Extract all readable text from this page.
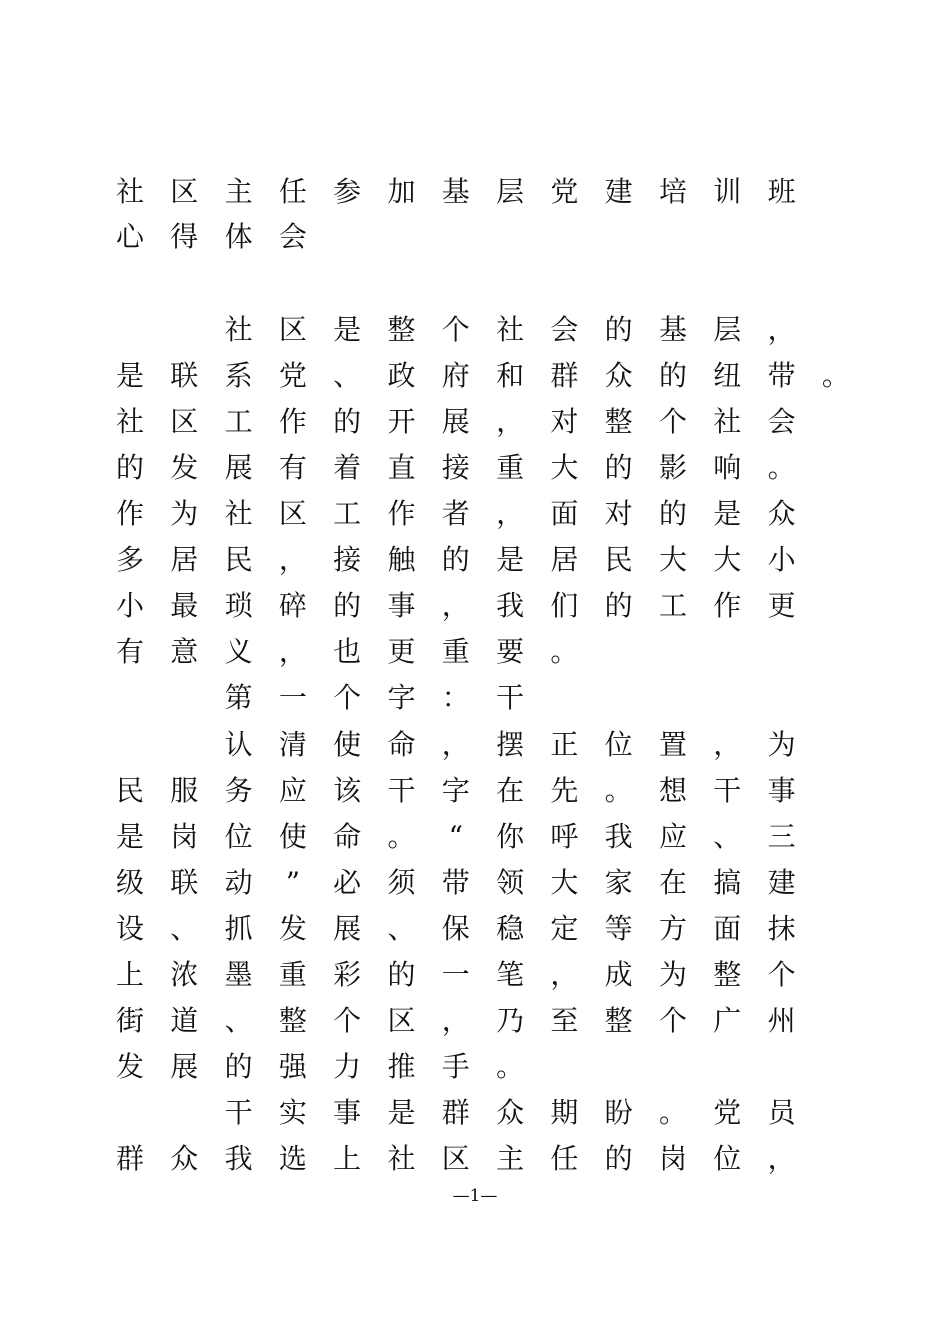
社 区 主 任 参 加 基 层 党 建 培 训 班
心 得 体 会
社 区 是 整 个 社 会 的 基 层 ，
是 联 系 党 、 政 府 和 群 众 的 纽 带 。
社 区 工 作 的 开 展 ， 对 整 个 社 会
的 发 展 有 着 直 接 重 大 的 影 响 。
作 为 社 区 工 作 者 ， 面 对 的 是 众
多 居 民 ， 接 触 的 是 居 民 大 大 小
小 最 琐 碎 的 事 ， 我 们 的 工 作 更
有 意 义 ， 也 更 重 要 。
第 一 个 字 ： 干
认 清 使 命 ， 摆 正 位 置 ， 为
民 服 务 应 该 干 字 在 先 。 想 干 事
是 岗 位 使 命 。	“	你 呼 我 应 、 三
级 联 动	”	必 须 带 领 大 家 在 搞 建
设 、 抓 发 展 、 保 稳 定 等 方 面 抹
上 浓 墨 重 彩 的 一 笔 ， 成 为 整 个
街 道 、 整 个 区 ， 乃 至 整 个 广 州
发 展 的 强 力 推 手 。
干 实 事 是 群 众 期 盼 。 党 员
群 众 我 选 上 社 区 主 任 的 岗 位 ，
—1—
